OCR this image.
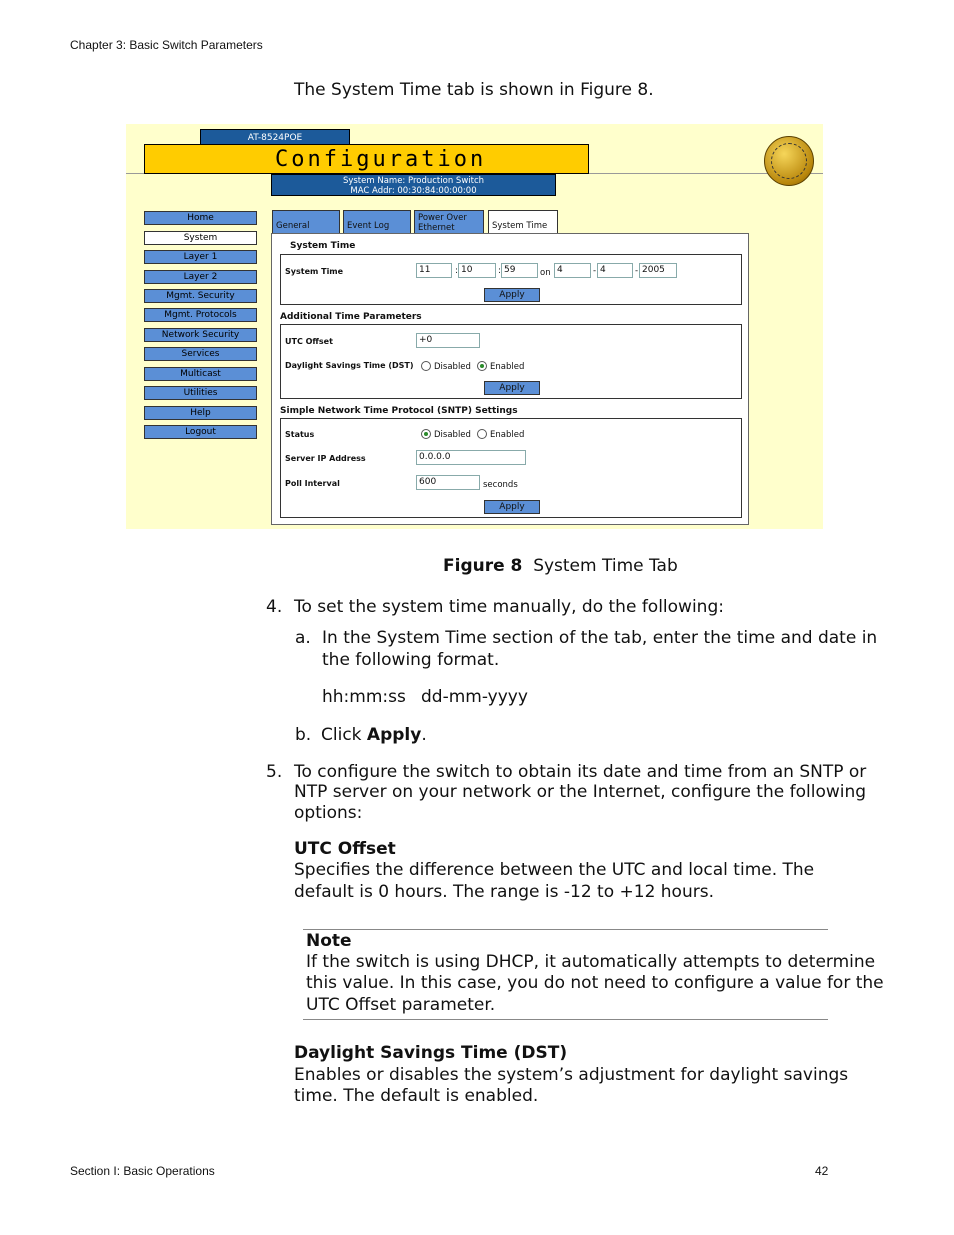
Chapter 3: Basic Switch Parameters
The System Time tab is shown in Figure 8.
AT-8524POE
Configuration
System Name: Production Switch
MAC Addr: 00:30:84:00:00:00
Home
System
Layer 1
Layer 2
Mgmt. Security
Mgmt. Protocols
Network Security
Services
Multicast
Utilities
Help
Logout
General	Event Log
Power Over
Ethernet	System Time
System Time
System Time	11	: 10	: 59	on 4	- 4	- 2005
Apply
Additional Time Parameters
UTC Offset	+0
Daylight Savings Time (DST) Disabled Enabled
Apply
Simple Network Time Protocol (SNTP) Settings
Status	Disabled Enabled
Server IP Address	0.0.0.0
Poll Interval	600	seconds
Apply
Figure 8 System Time Tab
4. To set the system time manually, do the following:
a. In the System Time section of the tab, enter the time and date in
the following format.
hh:mm:ss dd-mm-yyyy
b. Click Apply.
5. To configure the switch to obtain its date and time from an SNTP or
NTP server on your network or the Internet, configure the following
options:
UTC Offset
Specifies the difference between the UTC and local time. The
default is 0 hours. The range is -12 to +12 hours.
Note
If the switch is using DHCP, it automatically attempts to determine
this value. In this case, you do not need to configure a value for the
UTC Offset parameter.
Daylight Savings Time (DST)
Enables or disables the system’s adjustment for daylight savings
time. The default is enabled.
Section I: Basic Operations	42
